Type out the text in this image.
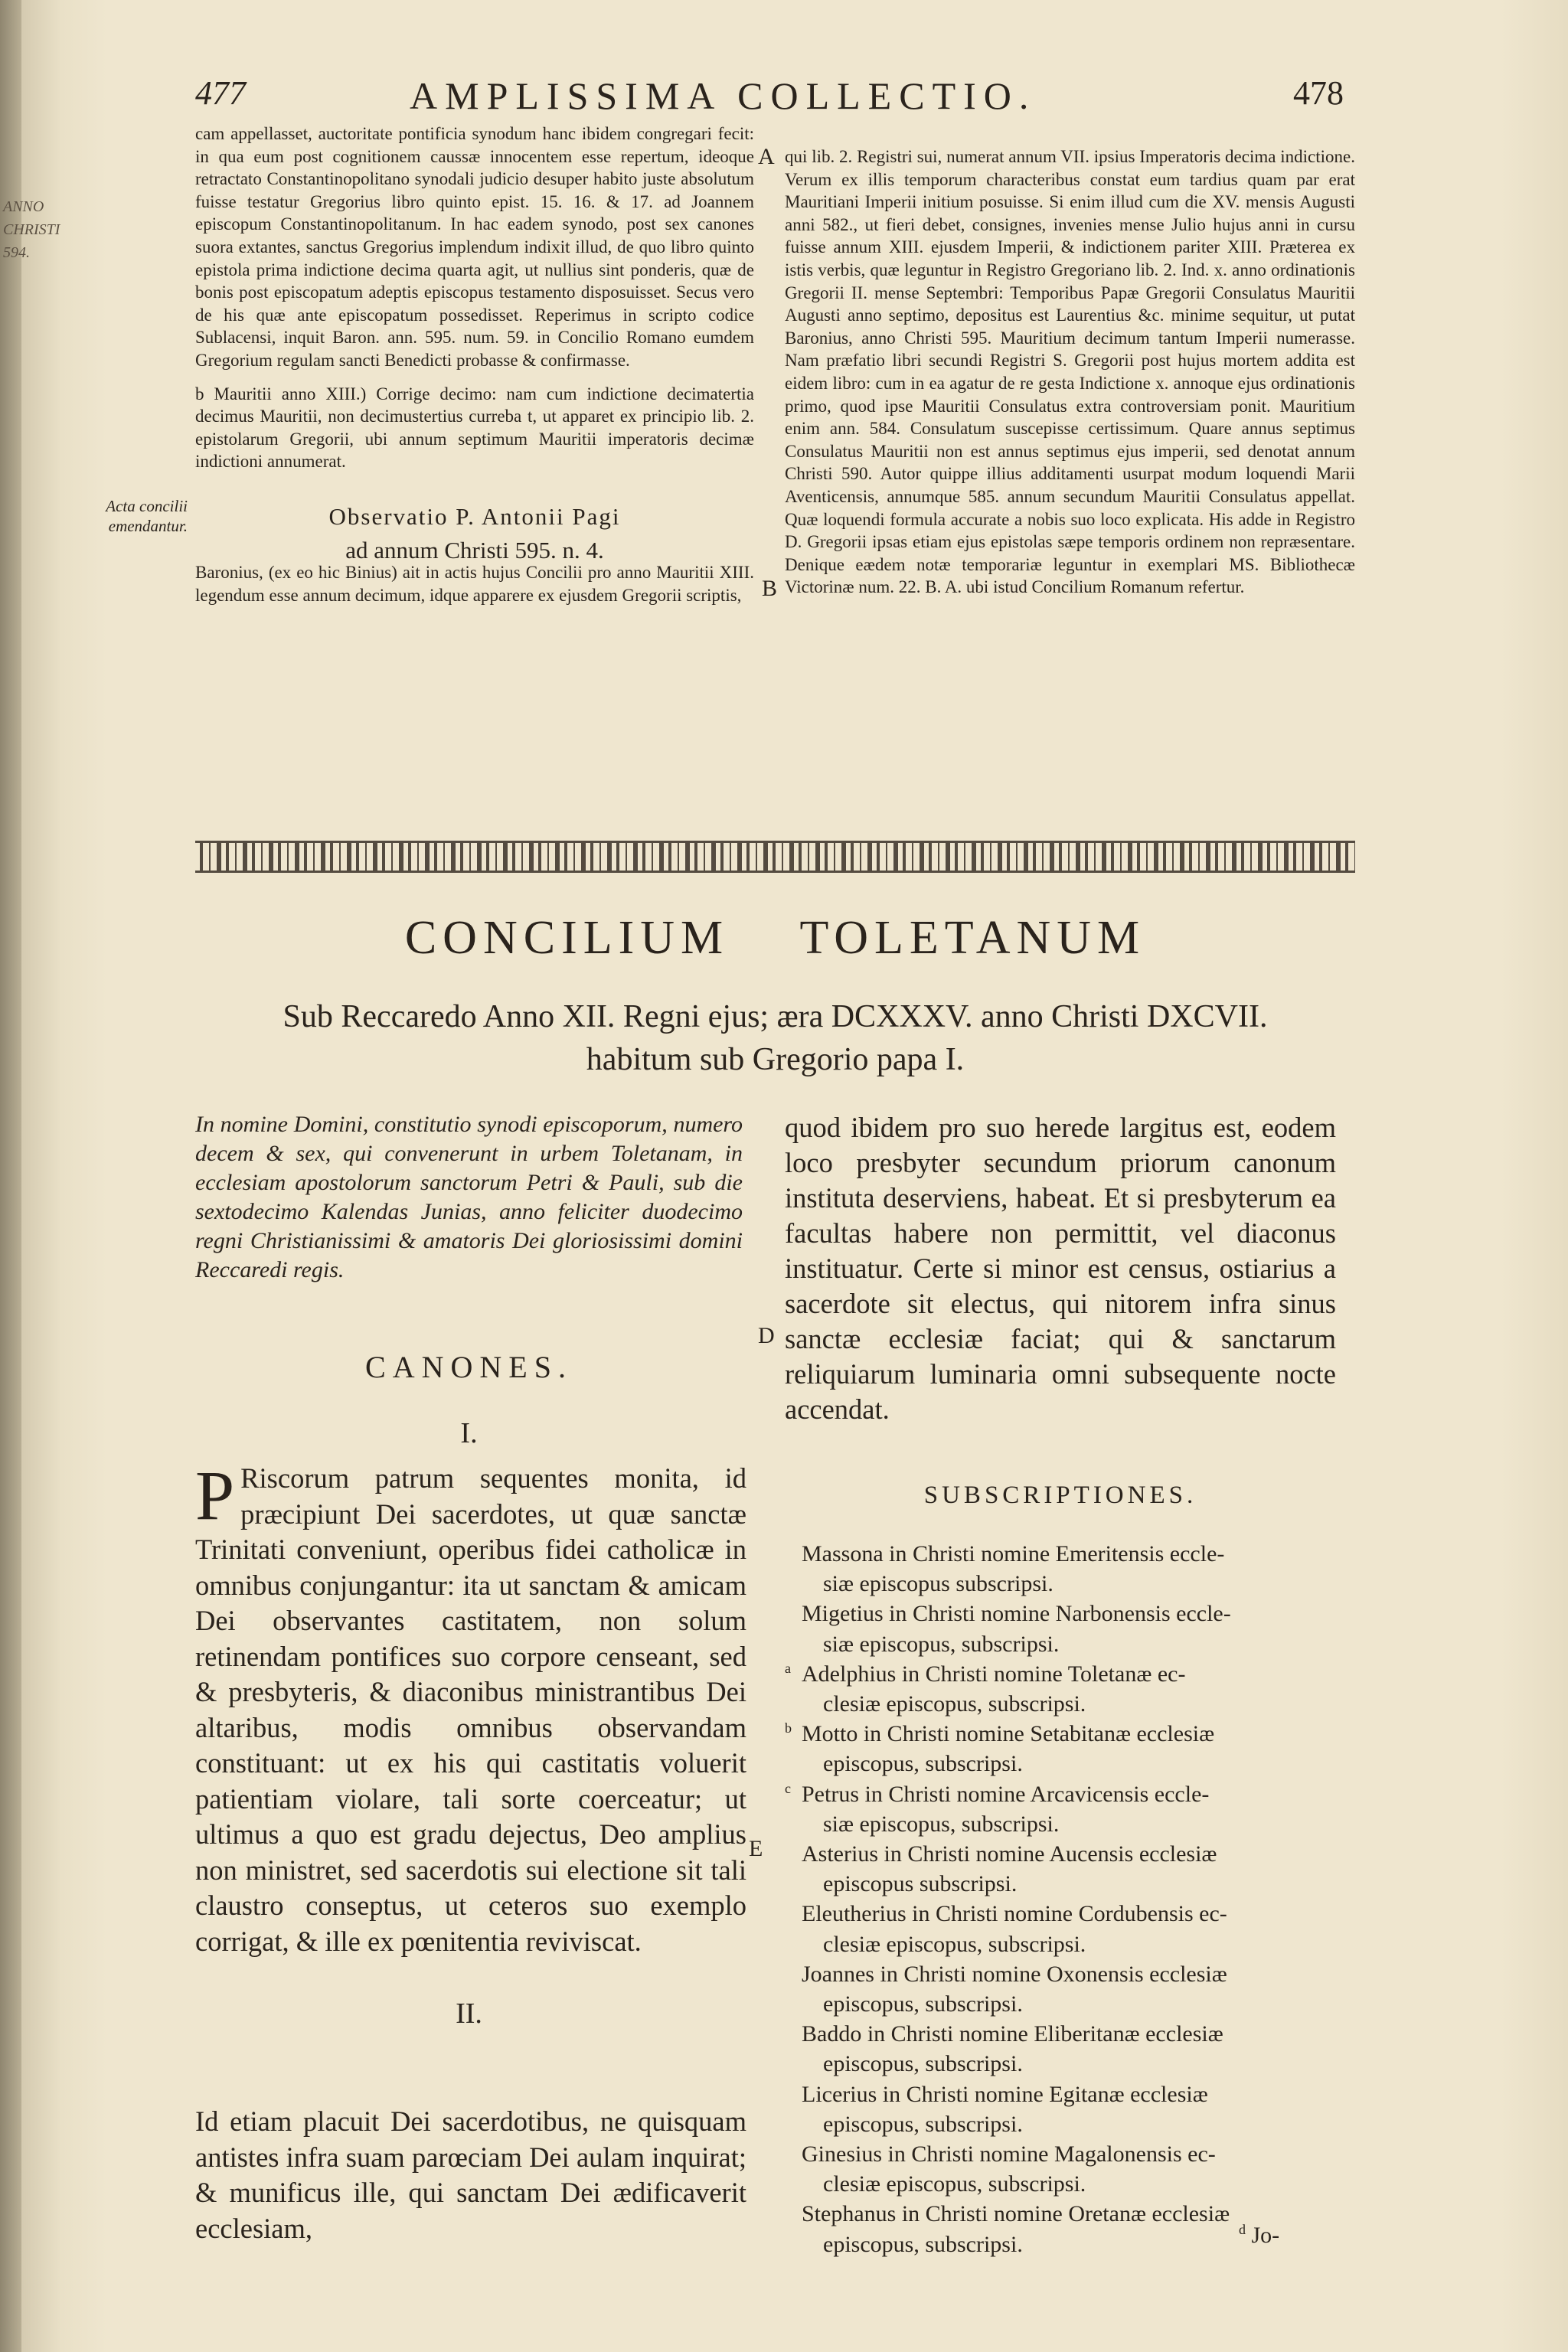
ANNO
CHRISTI
594.
477	AMPLISSIMA COLLECTIO.	478
A
B
D
E

cam appellasset, auctoritate pontificia synodum hanc ibidem congregari fecit: in qua eum post cognitionem caussæ innocentem esse repertum, ideoque retractato Constantinopolitano synodali judicio desuper habito juste absolutum fuisse testatur Gregorius libro quinto epist. 15. 16. & 17. ad Joannem episcopum Constantinopolitanum. In hac eadem synodo, post sex canones suora extantes, sanctus Gregorius implendum indixit illud, de quo libro quinto epistola prima indictione decima quarta agit, ut nullius sint ponderis, quæ de bonis post episcopatum adeptis episcopus testamento disposuisset. Secus vero de his quæ ante episcopatum possedisset. Reperimus in scripto codice Sublacensi, inquit Baron. ann. 595. num. 59. in Concilio Romano eumdem Gregorium regulam sancti Benedicti probasse & confirmasse.

b Mauritii anno XIII.) Corrige decimo: nam cum indictione decimatertia decimus Mauritii, non decimustertius curreba t, ut apparet ex principio lib. 2. epistolarum Gregorii, ubi annum septimum Mauritii imperatoris decimæ indictioni annumerat.

Observatio P. Antonii Pagi
ad annum Christi 595. n. 4.

Baronius, (ex eo hic Binius) ait in actis hujus Concilii pro anno Mauritii XIII. legendum esse annum decimum, idque apparere ex ejusdem Gregorii scriptis,

Acta concilii emendantur.
qui lib. 2. Registri sui, numerat annum VII. ipsius Imperatoris decima indictione. Verum ex illis temporum characteribus constat eum tardius quam par erat Mauritiani Imperii initium posuisse. Si enim illud cum die XV. mensis Augusti anni 582., ut fieri debet, consignes, invenies mense Julio hujus anni in cursu fuisse annum XIII. ejusdem Imperii, & indictionem pariter XIII. Præterea ex istis verbis, quæ leguntur in Registro Gregoriano lib. 2. Ind. x. anno ordinationis Gregorii II. mense Septembri: Temporibus Papæ Gregorii Consulatus Mauritii Augusti anno septimo, depositus est Laurentius &c. minime sequitur, ut putat Baronius, anno Christi 595. Mauritium decimum tantum Imperii numerasse. Nam præfatio libri secundi Registri S. Gregorii post hujus mortem addita est eidem libro: cum in ea agatur de re gesta Indictione x. annoque ejus ordinationis primo, quod ipse Mauritii Consulatus extra controversiam ponit. Mauritium enim ann. 584. Consulatum suscepisse certissimum. Quare annus septimus Consulatus Mauritii non est annus septimus ejus imperii, sed denotat annum Christi 590. Autor quippe illius additamenti usurpat modum loquendi Marii Aventicensis, annumque 585. annum secundum Mauritii Consulatus appellat. Quæ loquendi formula accurate a nobis suo loco explicata. His adde in Registro D. Gregorii ipsas etiam ejus epistolas sæpe temporis ordinem non repræsentare. Denique eædem notæ temporariæ leguntur in exemplari MS. Bibliothecæ Victorinæ num. 22. B. A. ubi istud Concilium Romanum refertur.
CONCILIUM TOLETANUM
Sub Reccaredo Anno XII. Regni ejus; æra DCXXXV. anno Christi DXCVII.
habitum sub Gregorio papa I.
In nomine Domini, constitutio synodi episcoporum, numero decem & sex, qui convenerunt in urbem Toletanam, in ecclesiam apostolorum sanctorum Petri & Pauli, sub die sextodecimo Kalendas Junias, anno feliciter duodecimo regni Christianissimi & amatoris Dei gloriosissimi domini Reccaredi regis.
CANONES.
I.
P Riscorum patrum sequentes monita, id præcipiunt Dei sacerdotes, ut quæ sanctæ Trinitati conveniunt, operibus fidei catholicæ in omnibus conjungantur: ita ut sanctam & amicam Dei observantes castitatem, non solum retinendam pontifices suo corpore censeant, sed & presbyteris, & diaconibus ministrantibus Dei altaribus, modis omnibus observandam constituant: ut ex his qui castitatis voluerit patientiam violare, tali sorte coerceatur; ut ultimus a quo est gradu dejectus, Deo amplius non ministret, sed sacerdotis sui electione sit tali claustro conseptus, ut ceteros suo exemplo corrigat, & ille ex pœnitentia reviviscat.
II.
Id etiam placuit Dei sacerdotibus, ne quisquam antistes infra suam parœciam Dei aulam inquirat; & munificus ille, qui sanctam Dei ædificaverit ecclesiam,
quod ibidem pro suo herede largitus est, eodem loco presbyter secundum priorum canonum instituta deserviens, habeat. Et si presbyterum ea facultas habere non permittit, vel diaconus instituatur. Certe si minor est census, ostiarius a sacerdote sit electus, qui nitorem infra sinus sanctæ ecclesiæ faciat; qui & sanctarum reliquiarum luminaria omni subsequente nocte accendat.
SUBSCRIPTIONES.
Massona in Christi nomine Emeritensis eccle-
siæ episcopus subscripsi.
Migetius in Christi nomine Narbonensis eccle-
siæ episcopus, subscripsi.
a Adelphius in Christi nomine Toletanæ ec-
clesiæ episcopus, subscripsi.
b Motto in Christi nomine Setabitanæ ecclesiæ
episcopus, subscripsi.
c Petrus in Christi nomine Arcavicensis eccle-
siæ episcopus, subscripsi.
Asterius in Christi nomine Aucensis ecclesiæ
episcopus subscripsi.
Eleutherius in Christi nomine Cordubensis ec-
clesiæ episcopus, subscripsi.
Joannes in Christi nomine Oxonensis ecclesiæ
episcopus, subscripsi.
Baddo in Christi nomine Eliberitanæ ecclesiæ
episcopus, subscripsi.
Licerius in Christi nomine Egitanæ ecclesiæ
episcopus, subscripsi.
Ginesius in Christi nomine Magalonensis ec-
clesiæ episcopus, subscripsi.
Stephanus in Christi nomine Oretanæ ecclesiæ
episcopus, subscripsi.
$^d$ Jo-
